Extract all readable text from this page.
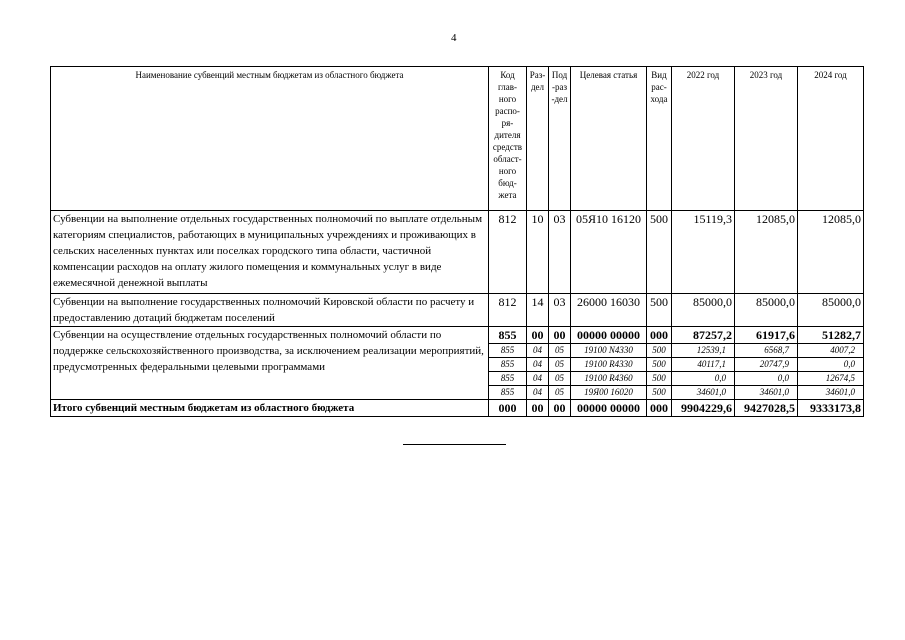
4
Наименование субвенций местным бюджетам из областного бюджета	Код глав-ного распо-ря-дителя средств област-ного бюд-жета	Раз-дел	Под-раз-дел	Целевая статья	Вид рас-хода	2022 год	2023 год	2024 год
Субвенции на выполнение отдельных государственных полномочий по выплате отдельным категориям специалистов, работающих в муниципальных учреждениях и проживающих в сельских населенных пунктах или поселках городского типа области, частичной компенсации расходов на оплату жилого помещения и коммунальных услуг в виде ежемесячной денежной выплаты	812	10	03	05Я10 16120	500	15119,3	12085,0	12085,0
Субвенции на выполнение государственных полномочий Кировской области по расчету и предоставлению дотаций бюджетам поселений	812	14	03	26000 16030	500	85000,0	85000,0	85000,0
Субвенции на осуществление отдельных государственных полномочий области по поддержке сельскохозяйственного производства, за исключением реализации мероприятий, предусмотренных федеральными целевыми программами	855	00	00	00000 00000	000	87257,2	61917,6	51282,7
	855	04	05	19100 N4330	500	12539,1	6568,7	4007,2
	855	04	05	19100 R4330	500	40117,1	20747,9	0,0
	855	04	05	19100 R4360	500	0,0	0,0	12674,5
	855	04	05	19Я00 16020	500	34601,0	34601,0	34601,0
Итого субвенций местным бюджетам из областного бюджета	000	00	00	00000 00000	000	9904229,6	9427028,5	9333173,8
